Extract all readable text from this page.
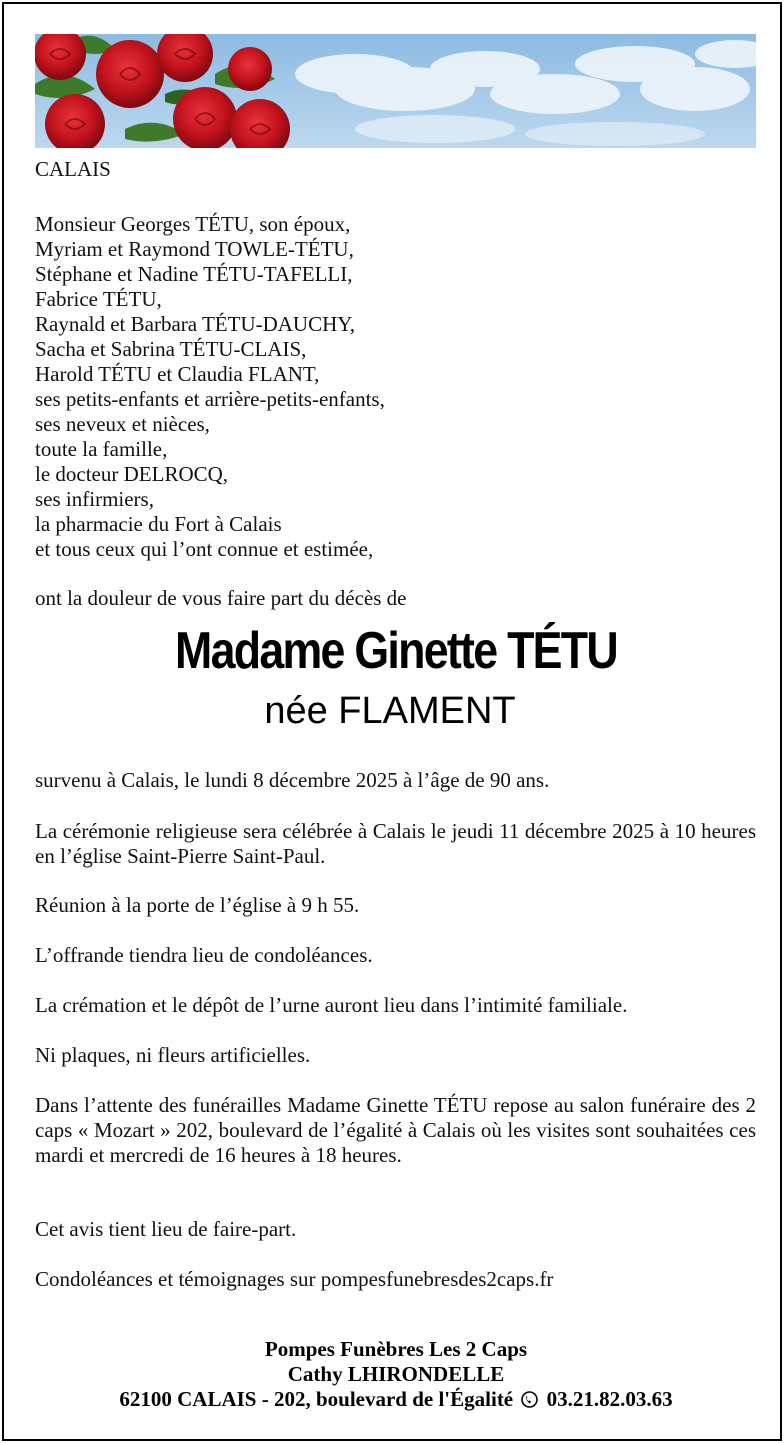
CALAIS

Monsieur Georges TÉTU, son époux,
Myriam et Raymond TOWLE-TÉTU,
Stéphane et Nadine TÉTU-TAFELLI,
Fabrice TÉTU,
Raynald et Barbara TÉTU-DAUCHY,
Sacha et Sabrina TÉTU-CLAIS,
Harold TÉTU et Claudia FLANT,
ses petits-enfants et arrière-petits-enfants,
ses neveux et nièces,
toute la famille,
le docteur DELROCQ,
ses infirmiers,
la pharmacie du Fort à Calais
et tous ceux qui l’ont connue et estimée,

ont la douleur de vous faire part du décès de

Madame Ginette TÉTU
née FLAMENT

survenu à Calais, le lundi 8 décembre 2025 à l’âge de 90 ans.

La cérémonie religieuse sera célébrée à Calais le jeudi 11 décembre 2025 à 10 heures en l’église Saint-Pierre Saint-Paul.

Réunion à la porte de l’église à 9 h 55.

L’offrande tiendra lieu de condoléances.

La crémation et le dépôt de l’urne auront lieu dans l’intimité familiale.

Ni plaques, ni fleurs artificielles.

Dans l’attente des funérailles Madame Ginette TÉTU repose au salon funéraire des 2 caps « Mozart » 202, boulevard de l’égalité à Calais où les visites sont souhaitées ces mardi et mercredi de 16 heures à 18 heures.

Cet avis tient lieu de faire-part.

Condoléances et témoignages sur pompesfunebresdes2caps.fr

Pompes Funèbres Les 2 Caps
Cathy LHIRONDELLE
62100 CALAIS - 202, boulevard de l'Égalité 03.21.82.03.63
